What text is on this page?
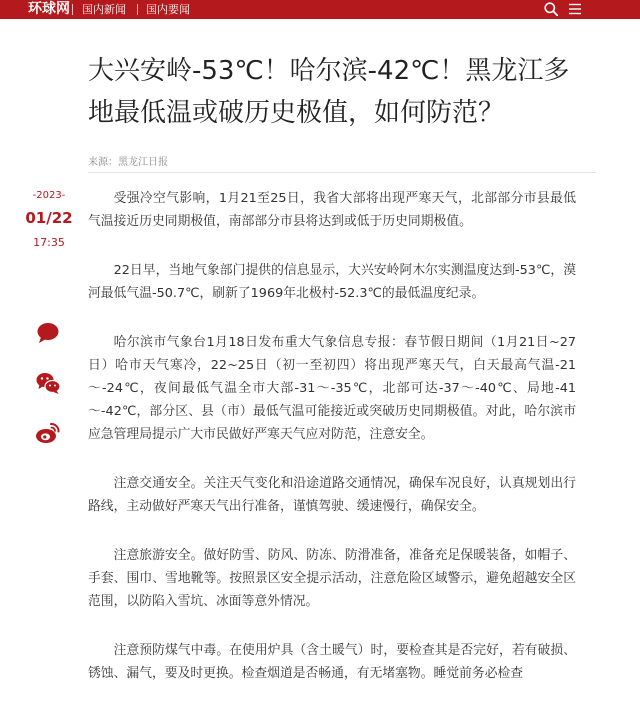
环球网 国内新闻 国内要闻
大兴安岭-53℃！哈尔滨-42℃！黑龙江多地最低温或破历史极值，如何防范？
来源：黑龙江日报
-2023-
01/22
17:35

受强冷空气影响，1月21至25日，我省大部将出现严寒天气，北部部分市县最低气温接近历史同期极值，南部部分市县将达到或低于历史同期极值。

22日早，当地气象部门提供的信息显示，大兴安岭阿木尔实测温度达到-53℃，漠河最低气温-50.7℃，刷新了1969年北极村-52.3℃的最低温度纪录。

哈尔滨市气象台1月18日发布重大气象信息专报：春节假日期间（1月21日~27日）哈市天气寒冷，22~25日（初一至初四）将出现严寒天气，白天最高气温-21～-24℃，夜间最低气温全市大部-31～-35℃，北部可达-37～-40℃、局地-41～-42℃，部分区、县（市）最低气温可能接近或突破历史同期极值。对此，哈尔滨市应急管理局提示广大市民做好严寒天气应对防范，注意安全。

注意交通安全。关注天气变化和沿途道路交通情况，确保车况良好，认真规划出行路线，主动做好严寒天气出行准备，谨慎驾驶、缓速慢行，确保安全。

注意旅游安全。做好防雪、防风、防冻、防滑准备，准备充足保暖装备，如帽子、手套、围巾、雪地靴等。按照景区安全提示活动，注意危险区域警示，避免超越安全区范围，以防陷入雪坑、冰面等意外情况。

注意预防煤气中毒。在使用炉具（含土暖气）时，要检查其是否完好，若有破损、锈蚀、漏气，要及时更换。检查烟道是否畅通，有无堵塞物。睡觉前务必检查
